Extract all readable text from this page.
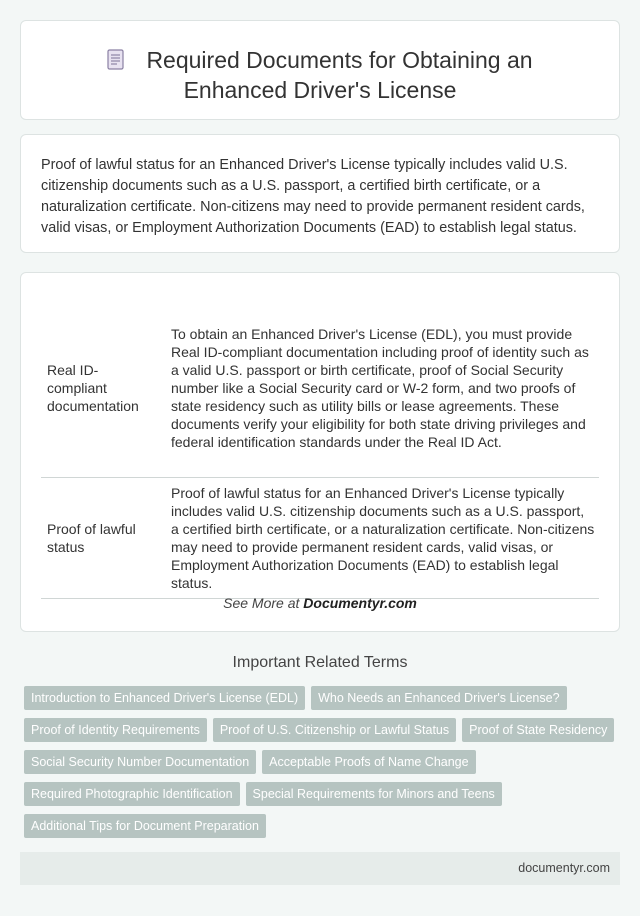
Required Documents for Obtaining an
Enhanced Driver's License

Proof of lawful status for an Enhanced Driver's License typically includes valid U.S. citizenship documents such as a U.S. passport, a certified birth certificate, or a naturalization certificate. Non-citizens may need to provide permanent resident cards, valid visas, or Employment Authorization Documents (EAD) to establish legal status.

Real ID-compliant documentation	To obtain an Enhanced Driver's License (EDL), you must provide Real ID-compliant documentation including proof of identity such as a valid U.S. passport or birth certificate, proof of Social Security number like a Social Security card or W-2 form, and two proofs of state residency such as utility bills or lease agreements. These documents verify your eligibility for both state driving privileges and federal identification standards under the Real ID Act.
Proof of lawful status	Proof of lawful status for an Enhanced Driver's License typically includes valid U.S. citizenship documents such as a U.S. passport, a certified birth certificate, or a naturalization certificate. Non-citizens may need to provide permanent resident cards, valid visas, or Employment Authorization Documents (EAD) to establish legal status.
See More at Documentyr.com
Important Related Terms
Introduction to Enhanced Driver's License (EDL) Who Needs an Enhanced Driver's License?
Proof of Identity Requirements Proof of U.S. Citizenship or Lawful Status Proof of State Residency
Social Security Number Documentation Acceptable Proofs of Name Change
Required Photographic Identification Special Requirements for Minors and Teens
Additional Tips for Document Preparation
documentyr.com
